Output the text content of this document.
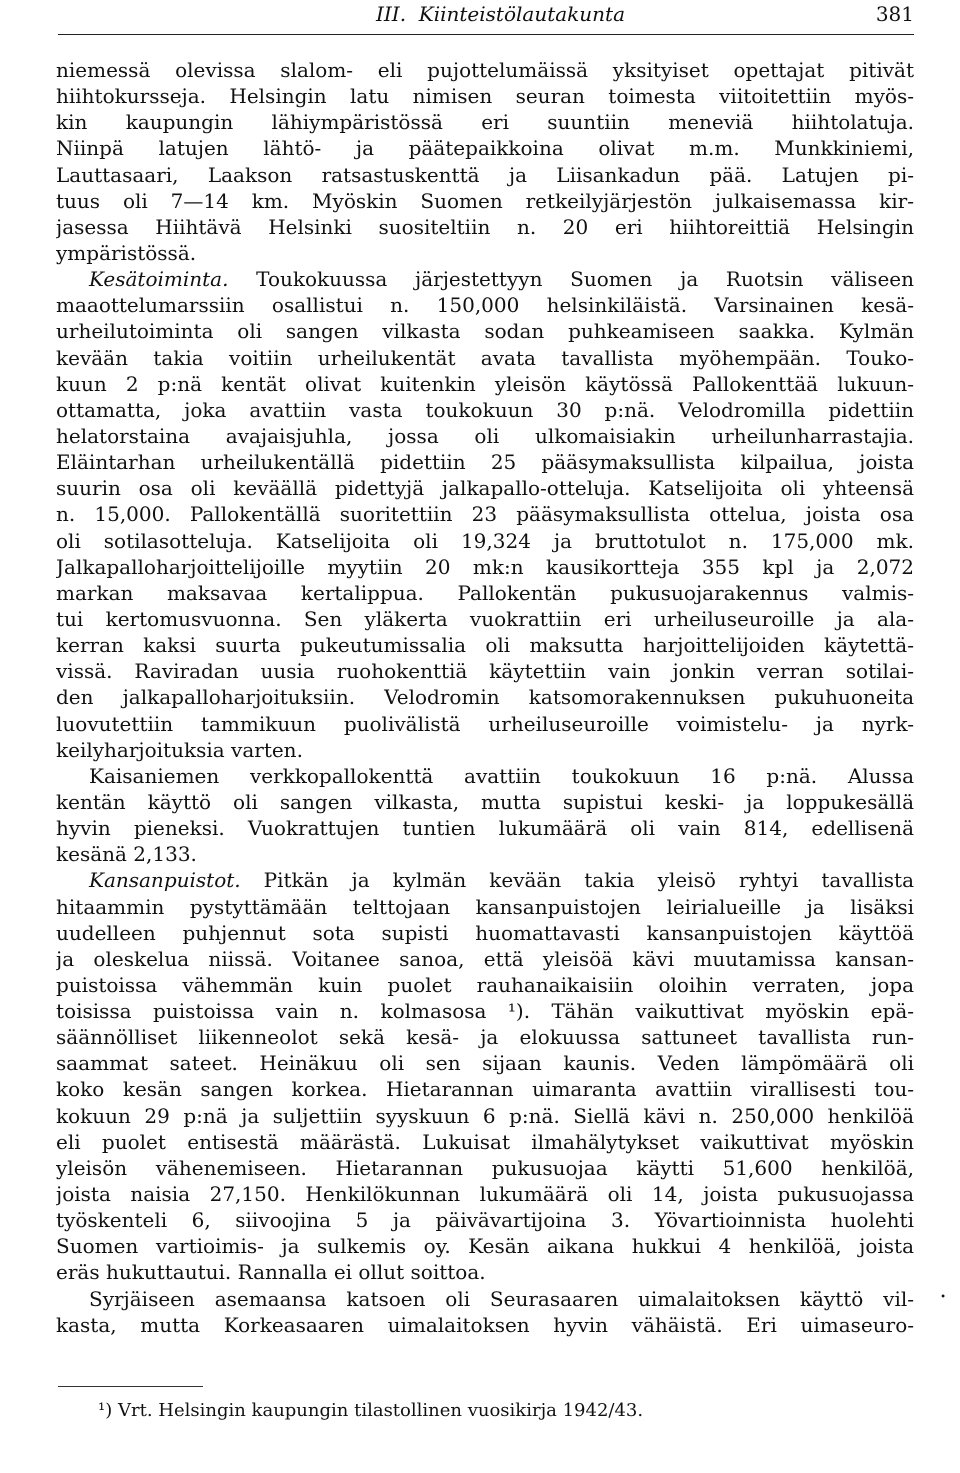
III. Kiinteistölautakunta	381
niemessä olevissa slalom- eli pujottelumäissä yksityiset opettajat pitivät
hiihtokursseja. Helsingin latu nimisen seuran toimesta viitoitettiin myös-
kin kaupungin lähiympäristössä eri suuntiin meneviä hiihtolatuja.
Niinpä latujen lähtö- ja päätepaikkoina olivat m.m. Munkkiniemi,
Lauttasaari, Laakson ratsastuskenttä ja Liisankadun pää. Latujen pi-
tuus oli 7—14 km. Myöskin Suomen retkeilyjärjestön julkaisemassa kir-
jasessa Hiihtävä Helsinki suositeltiin n. 20 eri hiihtoreittiä Helsingin
ympäristössä.
Kesätoiminta. Toukokuussa järjestettyyn Suomen ja Ruotsin väliseen
maaottelumarssiin osallistui n. 150,000 helsinkiläistä. Varsinainen kesä-
urheilutoiminta oli sangen vilkasta sodan puhkeamiseen saakka. Kylmän
kevään takia voitiin urheilukentät avata tavallista myöhempään. Touko-
kuun 2 p:nä kentät olivat kuitenkin yleisön käytössä Pallokenttää lukuun-
ottamatta, joka avattiin vasta toukokuun 30 p:nä. Velodromilla pidettiin
helatorstaina avajaisjuhla, jossa oli ulkomaisiakin urheilunharrastajia.
Eläintarhan urheilukentällä pidettiin 25 pääsymaksullista kilpailua, joista
suurin osa oli keväällä pidettyjä jalkapallo-otteluja. Katselijoita oli yhteensä
n. 15,000. Pallokentällä suoritettiin 23 pääsymaksullista ottelua, joista osa
oli sotilasotteluja. Katselijoita oli 19,324 ja bruttotulot n. 175,000 mk.
Jalkapalloharjoittelijoille myytiin 20 mk:n kausikortteja 355 kpl ja 2,072
markan maksavaa kertalippua. Pallokentän pukusuojarakennus valmis-
tui kertomusvuonna. Sen yläkerta vuokrattiin eri urheiluseuroille ja ala-
kerran kaksi suurta pukeutumissalia oli maksutta harjoittelijoiden käytettä-
vissä. Raviradan uusia ruohokenttiä käytettiin vain jonkin verran sotilai-
den jalkapalloharjoituksiin. Velodromin katsomorakennuksen pukuhuoneita
luovutettiin tammikuun puolivälistä urheiluseuroille voimistelu- ja nyrk-
keilyharjoituksia varten.
Kaisaniemen verkkopallokenttä avattiin toukokuun 16 p:nä. Alussa
kentän käyttö oli sangen vilkasta, mutta supistui keski- ja loppukesällä
hyvin pieneksi. Vuokrattujen tuntien lukumäärä oli vain 814, edellisenä
kesänä 2,133.
Kansanpuistot. Pitkän ja kylmän kevään takia yleisö ryhtyi tavallista
hitaammin pystyttämään telttojaan kansanpuistojen leirialueille ja lisäksi
uudelleen puhjennut sota supisti huomattavasti kansanpuistojen käyttöä
ja oleskelua niissä. Voitanee sanoa, että yleisöä kävi muutamissa kansan-
puistoissa vähemmän kuin puolet rauhanaikaisiin oloihin verraten, jopa
toisissa puistoissa vain n. kolmasosa ¹). Tähän vaikuttivat myöskin epä-
säännölliset liikenneolot sekä kesä- ja elokuussa sattuneet tavallista run-
saammat sateet. Heinäkuu oli sen sijaan kaunis. Veden lämpömäärä oli
koko kesän sangen korkea. Hietarannan uimaranta avattiin virallisesti tou-
kokuun 29 p:nä ja suljettiin syyskuun 6 p:nä. Siellä kävi n. 250,000 henkilöä
eli puolet entisestä määrästä. Lukuisat ilmahälytykset vaikuttivat myöskin
yleisön vähenemiseen. Hietarannan pukusuojaa käytti 51,600 henkilöä,
joista naisia 27,150. Henkilökunnan lukumäärä oli 14, joista pukusuojassa
työskenteli 6, siivoojina 5 ja päivävartijoina 3. Yövartioinnista huolehti
Suomen vartioimis- ja sulkemis oy. Kesän aikana hukkui 4 henkilöä, joista
eräs hukuttautui. Rannalla ei ollut soittoa.
Syrjäiseen asemaansa katsoen oli Seurasaaren uimalaitoksen käyttö vil-
kasta, mutta Korkeasaaren uimalaitoksen hyvin vähäistä. Eri uimaseuro-
¹) Vrt. Helsingin kaupungin tilastollinen vuosikirja 1942/43.
•
